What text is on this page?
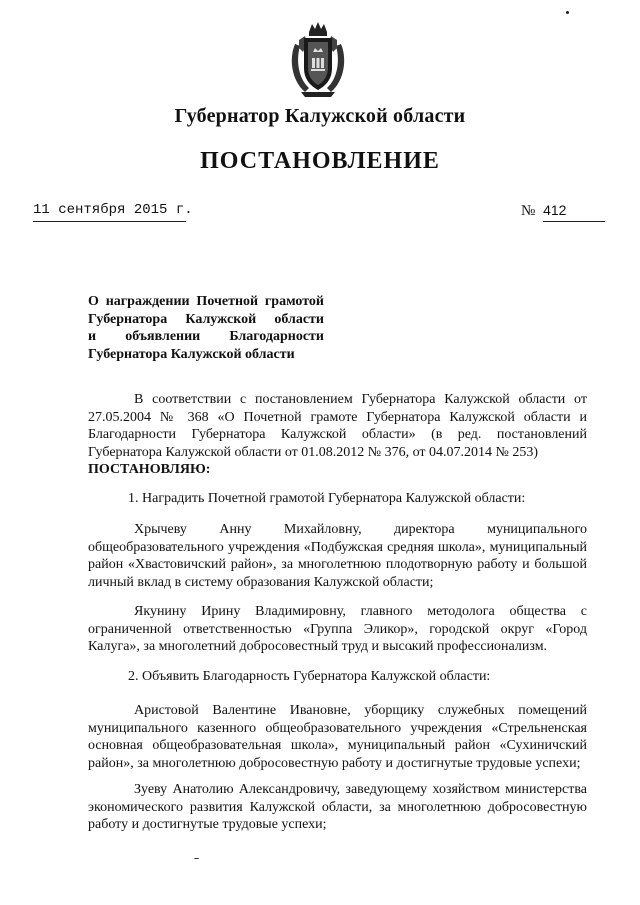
Губернатор Калужской области
ПОСТАНОВЛЕНИЕ
11 сентября 2015 г.	№ 412
О награждении Почетной грамотой
Губернатора Калужской области
и объявлении Благодарности
Губернатора Калужской области
В соответствии с постановлением Губернатора Калужской области от 27.05.2004 № 368 «О Почетной грамоте Губернатора Калужской области и Благодарности Губернатора Калужской области» (в ред. постановлений Губернатора Калужской области от 01.08.2012 № 376, от 04.07.2014 № 253)
ПОСТАНОВЛЯЮ:
1. Наградить Почетной грамотой Губернатора Калужской области:
Хрычеву Анну Михайловну, директора муниципального общеобразовательного учреждения «Подбужская средняя школа», муниципальный район «Хвастовичский район», за многолетнюю плодотворную работу и большой личный вклад в систему образования Калужской области;
Якунину Ирину Владимировну, главного методолога общества с ограниченной ответственностью «Группа Эликор», городской округ «Город Калуга», за многолетний добросовестный труд и высокий профессионализм.
2. Объявить Благодарность Губернатора Калужской области:
Аристовой Валентине Ивановне, уборщику служебных помещений муниципального казенного общеобразовательного учреждения «Стрельненская основная общеобразовательная школа», муниципальный район «Сухиничский район», за многолетнюю добросовестную работу и достигнутые трудовые успехи;
Зуеву Анатолию Александровичу, заведующему хозяйством министерства экономического развития Калужской области, за многолетнюю добросовестную работу и достигнутые трудовые успехи;
